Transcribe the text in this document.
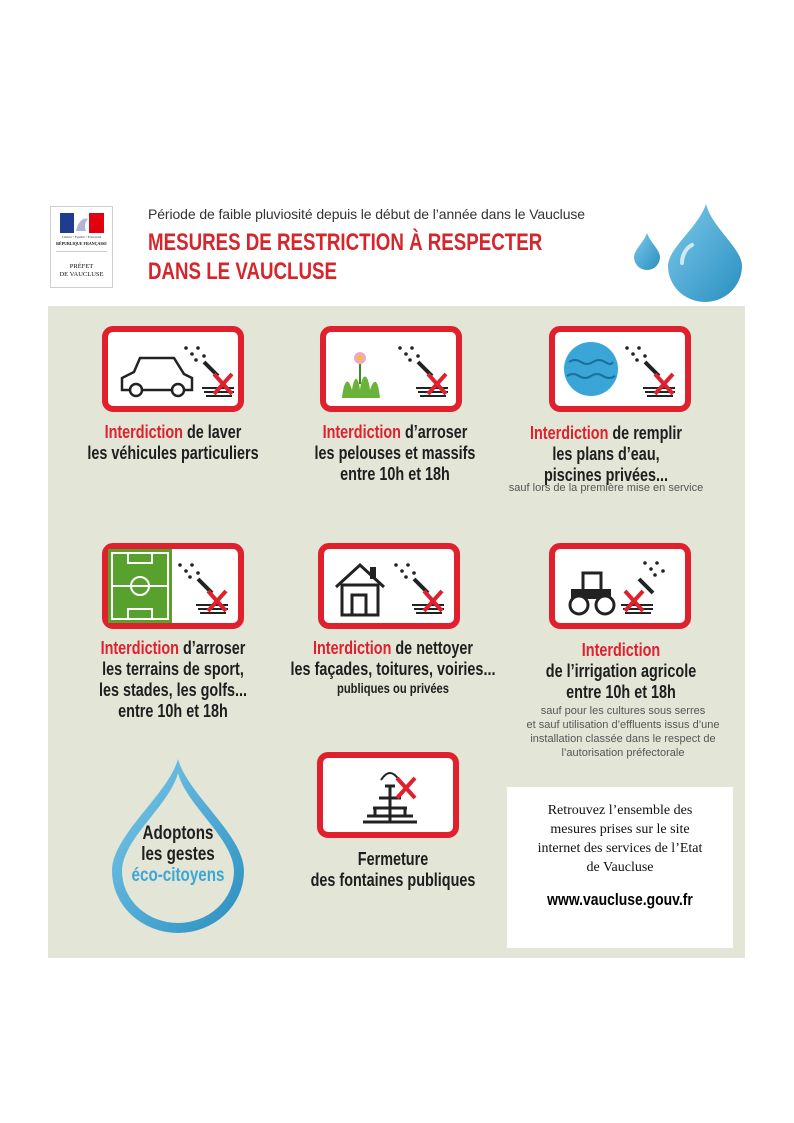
Liberté • Égalité • Fraternité
RÉPUBLIQUE FRANÇAISE
PRÉFET
DE VAUCLUSE
Période de faible pluviosité depuis le début de l’année dans le Vaucluse
MESURES DE RESTRICTION À RESPECTER
DANS LE VAUCLUSE
Interdiction de laver
les véhicules particuliers
Interdiction d’arroser
les pelouses et massifs
entre 10h et 18h
Interdiction de remplir
les plans d’eau,
piscines privées...
sauf lors de la première mise en service
Interdiction d’arroser
les terrains de sport,
les stades, les golfs...
entre 10h et 18h
Interdiction de nettoyer
les façades, toitures, voiries...
publiques ou privées
Interdiction
de l’irrigation agricole
entre 10h et 18h
sauf pour les cultures sous serres
et sauf utilisation d’effluents issus d’une
installation classée dans le respect de
l’autorisation préfectorale
Fermeture
des fontaines publiques
Adoptons
les gestes
éco-citoyens
Retrouvez l’ensemble des
mesures prises sur le site
internet des services de l’Etat
de Vaucluse
www.vaucluse.gouv.fr
